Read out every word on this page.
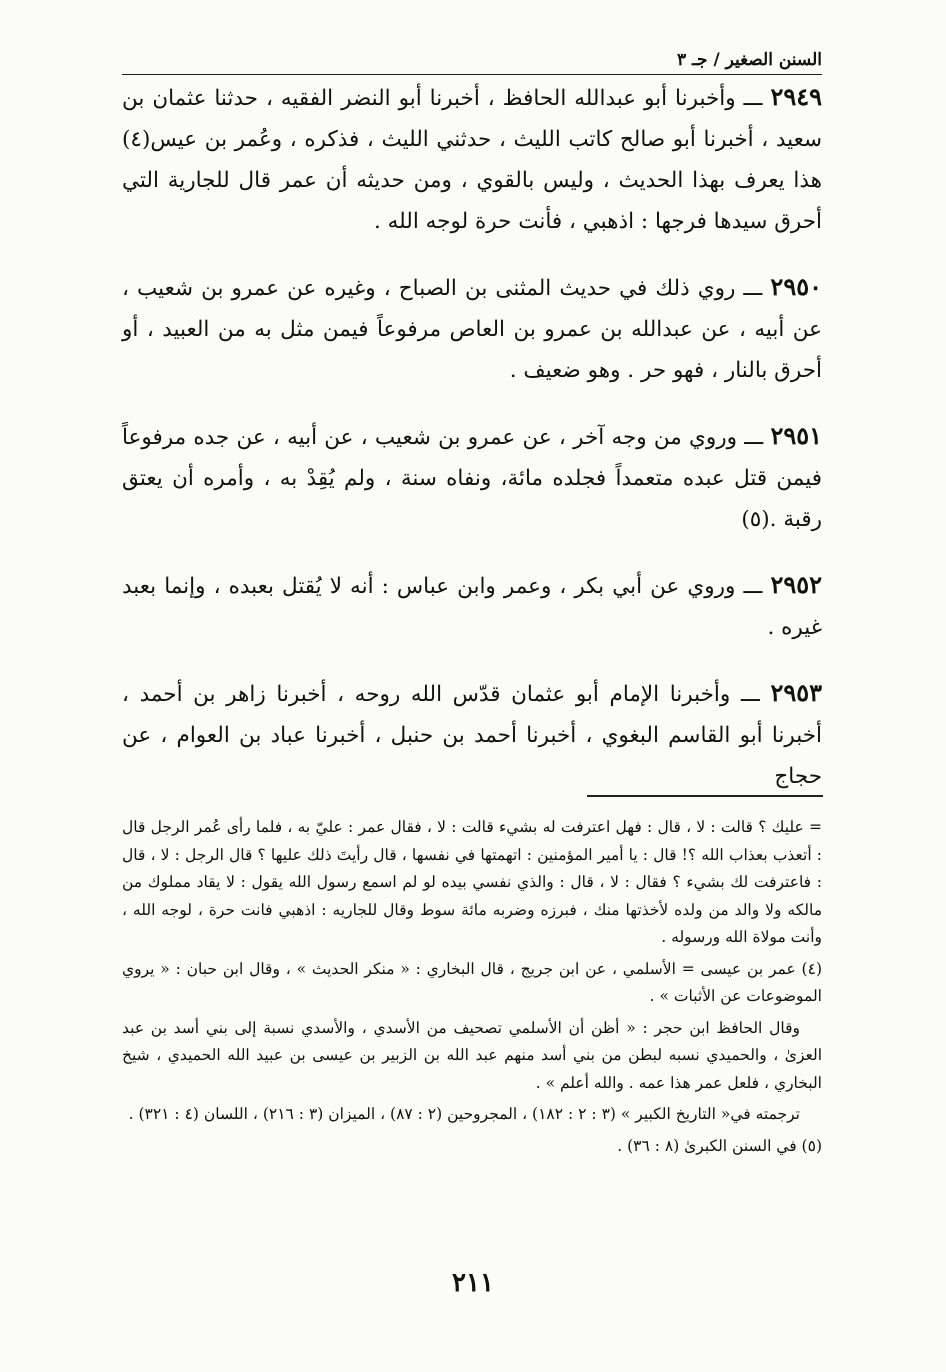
السنن الصغير / جـ ٣

٢٩٤٩ ـــ وأخبرنا أبو عبدالله الحافظ ، أخبرنا أبو النضر الفقيه ، حدثنا عثمان بن سعيد ، أخبرنا أبو صالح كاتب الليث ، حدثني الليث ، فذكره ، وعُمر بن عيس(٤) هذا يعرف بهذا الحديث ، وليس بالقوي ، ومن حديثه أن عمر قال للجارية التي أحرق سيدها فرجها : اذهبي ، فأنت حرة لوجه الله .

٢٩٥٠ ـــ روي ذلك في حديث المثنى بن الصباح ، وغيره عن عمرو بن شعيب ، عن أبيه ، عن عبدالله بن عمرو بن العاص مرفوعاً فيمن مثل به من العبيد ، أو أحرق بالنار ، فهو حر . وهو ضعيف .

٢٩٥١ ـــ وروي من وجه آخر ، عن عمرو بن شعيب ، عن أبيه ، عن جده مرفوعاً فيمن قتل عبده متعمداً فجلده مائة، ونفاه سنة ، ولم يُقِدْ به ، وأمره أن يعتق رقبة .(٥)

٢٩٥٢ ـــ وروي عن أبي بكر ، وعمر وابن عباس : أنه لا يُقتل بعبده ، وإنما بعبد غيره .

٢٩٥٣ ـــ وأخبرنا الإمام أبو عثمان قدّس الله روحه ، أخبرنا زاهر بن أحمد ، أخبرنا أبو القاسم البغوي ، أخبرنا أحمد بن حنبل ، أخبرنا عباد بن العوام ، عن حجاج

= عليك ؟ قالت : لا ، قال : فهل اعترفت له بشيء قالت : لا ، فقال عمر : عليّ به ، فلما رأى عُمر الرجل قال : أتعذب بعذاب الله ؟! قال : يا أمير المؤمنين : اتهمتها في نفسها ، قال رأيتَ ذلك عليها ؟ قال الرجل : لا ، قال : فاعترفت لك بشيء ؟ فقال : لا ، قال : والذي نفسي بيده لو لم اسمع رسول الله يقول : لا يقاد مملوك من مالكه ولا والد من ولده لأخذتها منك ، فبرزه وضربه مائة سوط وقال للجاريه : اذهبي فانت حرة ، لوجه الله ، وأنت مولاة الله ورسوله .

(٤) عمر بن عيسى = الأسلمي ، عن ابن جريج ، قال البخاري : « منكر الحديث » ، وقال ابن حبان : « يروي الموضوعات عن الأثبات » .

وقال الحافظ ابن حجر : « أظن أن الأسلمي تصحيف من الأسدي ، والأسدي نسبة إلى بني أسد بن عبد العزىٰ ، والحميدي نسبه لبطن من بني أسد منهم عبد الله بن الزبير بن عيسى بن عبيد الله الحميدي ، شيخ البخاري ، فلعل عمر هذا عمه . والله أعلم » .

ترجمته في« التاريخ الكبير » (٣ : ٢ : ١٨٢) ، المجروحين (٢ : ٨٧) ، الميزان (٣ : ٢١٦) ، اللسان (٤ : ٣٢١) .

(٥) في السنن الكبرىٰ (٨ : ٣٦) .

٢١١
